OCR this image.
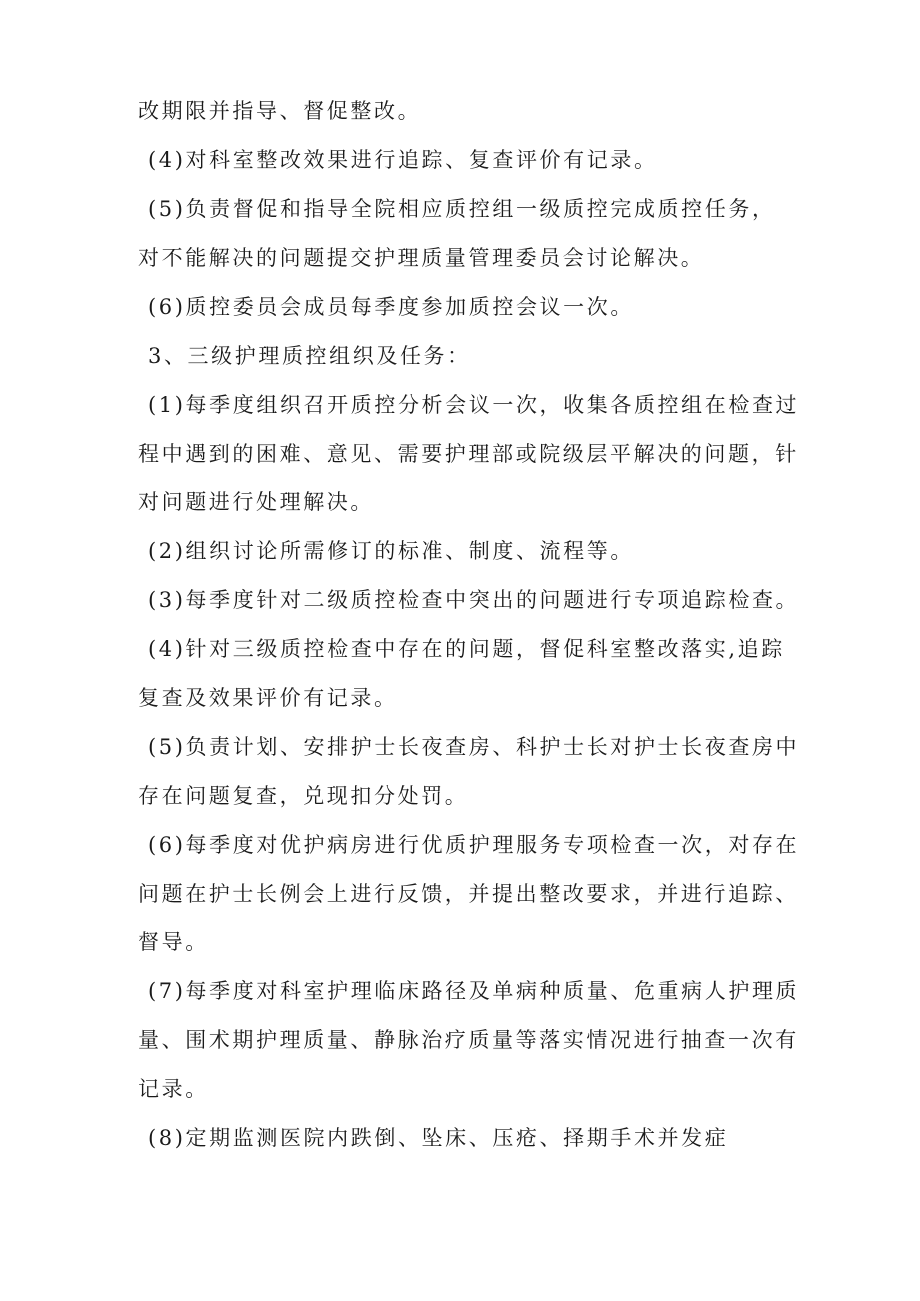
改期限并指导、督促整改。
(4)对科室整改效果进行追踪、复查评价有记录。
(5)负责督促和指导全院相应质控组一级质控完成质控任务，
对不能解决的问题提交护理质量管理委员会讨论解决。
(6)质控委员会成员每季度参加质控会议一次。
3、三级护理质控组织及任务：
(1)每季度组织召开质控分析会议一次，收集各质控组在检查过
程中遇到的困难、意见、需要护理部或院级层平解决的问题，针
对问题进行处理解决。
(2)组织讨论所需修订的标准、制度、流程等。
(3)每季度针对二级质控检查中突出的问题进行专项追踪检查。
(4)针对三级质控检查中存在的问题，督促科室整改落实,追踪
复查及效果评价有记录。
(5)负责计划、安排护士长夜查房、科护士长对护士长夜查房中
存在问题复查，兑现扣分处罚。
(6)每季度对优护病房进行优质护理服务专项检查一次，对存在
问题在护士长例会上进行反馈，并提出整改要求，并进行追踪、
督导。
(7)每季度对科室护理临床路径及单病种质量、危重病人护理质
量、围术期护理质量、静脉治疗质量等落实情况进行抽查一次有
记录。
(8)定期监测医院内跌倒、坠床、压疮、择期手术并发症
